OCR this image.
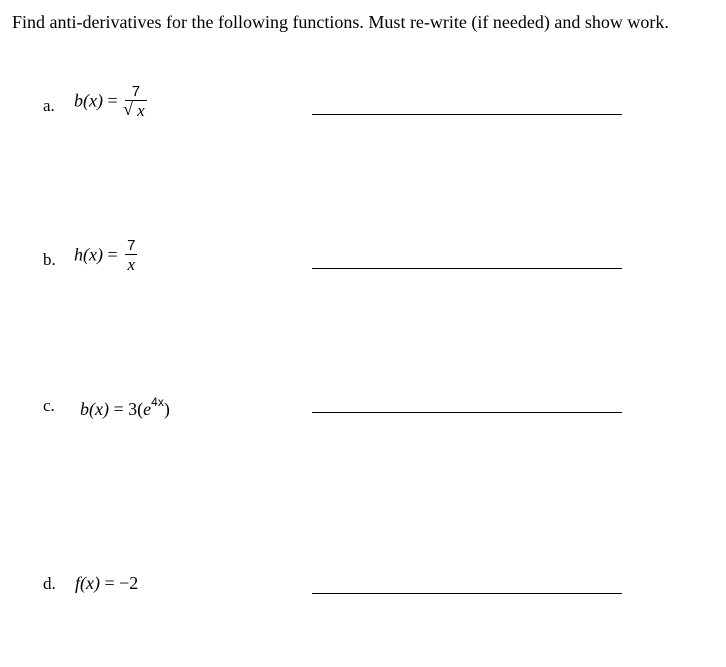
Find anti-derivatives for the following functions. Must re-write (if needed) and show work.
a. $b(x) = \frac{7}{√ x}$
b. $h(x) = \frac{7}{x}$
c. $b(x) = 3(e^{4x})$
d. f(x) = −2
